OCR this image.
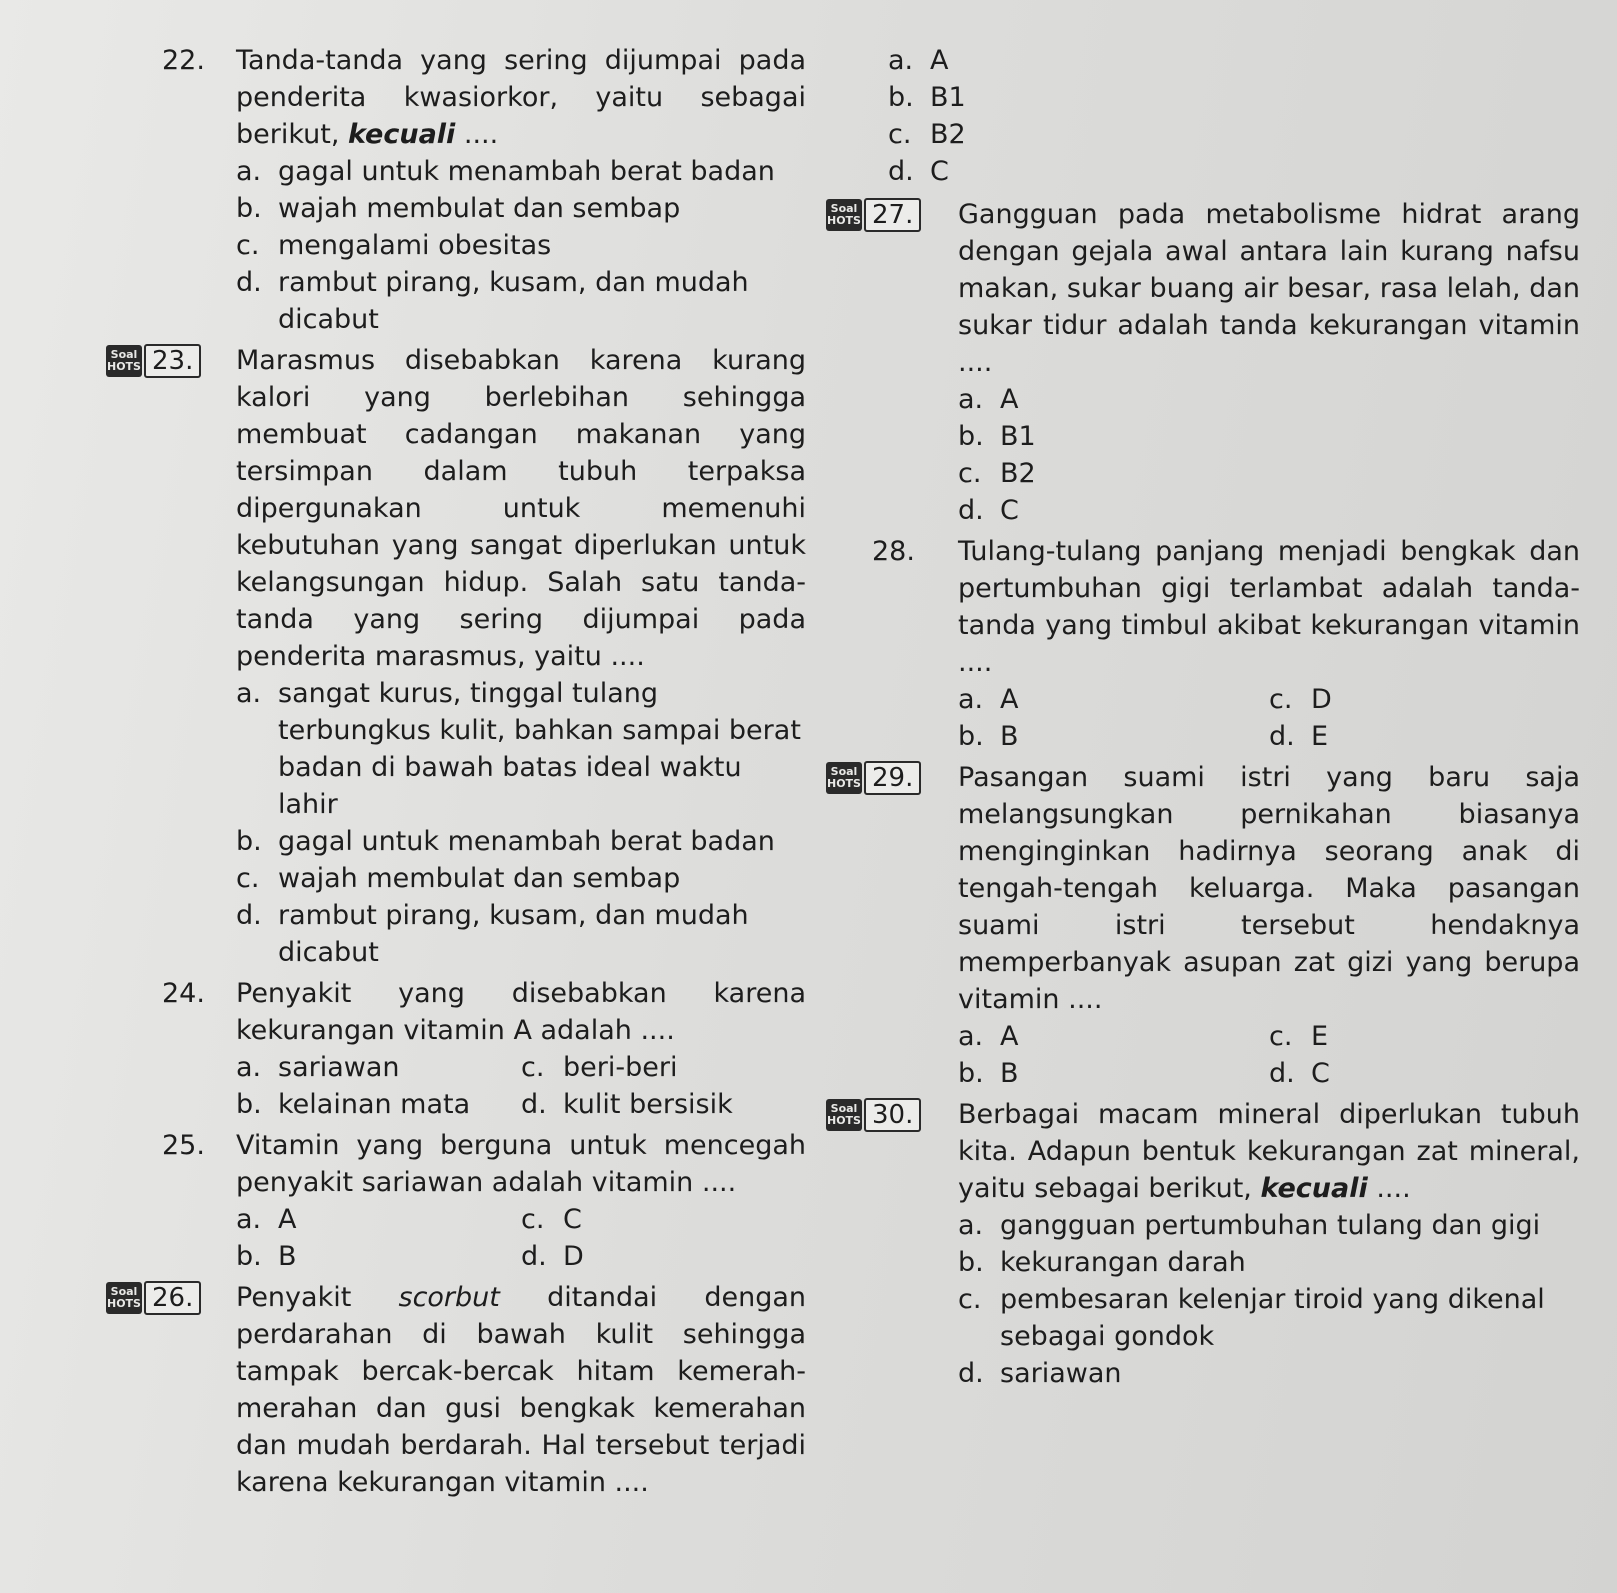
22. Tanda-tanda yang sering dijumpai pada penderita kwasiorkor, yaitu sebagai berikut, kecuali ....
a. gagal untuk menambah berat badan
b. wajah membulat dan sembap
c. mengalami obesitas
d. rambut pirang, kusam, dan mudah dicabut
Soal
HOTS 23. Marasmus disebabkan karena kurang kalori yang berlebihan sehingga membuat cadangan makanan yang tersimpan dalam tubuh terpaksa dipergunakan untuk memenuhi kebutuhan yang sangat diperlukan untuk kelangsungan hidup. Salah satu tanda-tanda yang sering dijumpai pada penderita marasmus, yaitu ....
a. sangat kurus, tinggal tulang terbungkus kulit, bahkan sampai berat badan di bawah batas ideal waktu lahir
b. gagal untuk menambah berat badan
c. wajah membulat dan sembap
d. rambut pirang, kusam, dan mudah dicabut
24. Penyakit yang disebabkan karena kekurangan vitamin A adalah ....
a. sariawan	c. beri-beri
b. kelainan mata	d. kulit bersisik
25. Vitamin yang berguna untuk mencegah penyakit sariawan adalah vitamin ....
a. A	c. C
b. B	d. D
Soal
HOTS 26. Penyakit scorbut ditandai dengan perdarahan di bawah kulit sehingga tampak bercak-bercak hitam kemerah-merahan dan gusi bengkak kemerahan dan mudah berdarah. Hal tersebut terjadi karena kekurangan vitamin ....
a. A
b. B1
c. B2
d. C
Soal
HOTS 27. Gangguan pada metabolisme hidrat arang dengan gejala awal antara lain kurang nafsu makan, sukar buang air besar, rasa lelah, dan sukar tidur adalah tanda kekurangan vitamin ....
a. A
b. B1
c. B2
d. C
28. Tulang-tulang panjang menjadi bengkak dan pertumbuhan gigi terlambat adalah tanda-tanda yang timbul akibat kekurangan vitamin ....
a. A	c. D
b. B	d. E
Soal
HOTS 29. Pasangan suami istri yang baru saja melangsungkan pernikahan biasanya menginginkan hadirnya seorang anak di tengah-tengah keluarga. Maka pasangan suami istri tersebut hendaknya memperbanyak asupan zat gizi yang berupa vitamin ....
a. A	c. E
b. B	d. C
Soal
HOTS 30. Berbagai macam mineral diperlukan tubuh kita. Adapun bentuk kekurangan zat mineral, yaitu sebagai berikut, kecuali ....
a. gangguan pertumbuhan tulang dan gigi
b. kekurangan darah
c. pembesaran kelenjar tiroid yang dikenal sebagai gondok
d. sariawan
